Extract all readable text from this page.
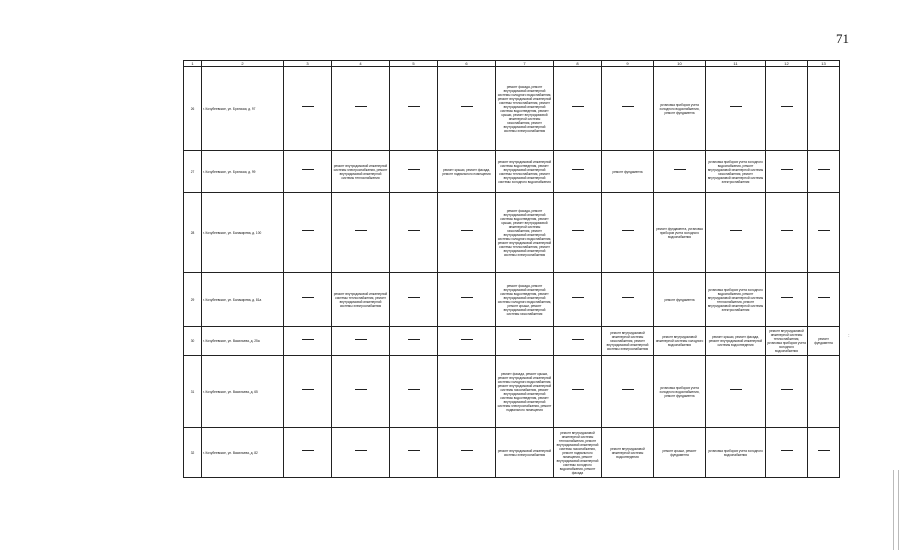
71
1	2	3	4	5	6	7	8	9	10	11	12	13	
26	г. Кочубеевское, ул. Братская, д. 97					ремонт фасада, ремонт внутридомовой инженерной системы холодного водоснабжения, ремонт внутридомовой инженерной системы теплоснабжения, ремонт внутридомовой инженерной системы водоотведения, ремонт крыши, ремонт внутридомовой инженерной системы газоснабжения, ремонт внутридомовой инженерной системы электроснабжения			установка приборов учета холодного водоснабжения, ремонт фундамента			
27	г. Кочубеевское, ул. Братская, д. 99		ремонт внутридомовой инженерной системы электроснабжения, ремонт внутридомовой инженерной системы теплоснабжения		ремонт крыши, ремонт фасада, ремонт подвального помещения	ремонт внутридомовой инженерной системы водоотведения, ремонт внутридомовой инженерной системы теплоснабжения, ремонт внутридомовой инженерной системы холодного водоснабжения		ремонт фундамента		установка приборов учета холодного водоснабжения, ремонт внутридомовой инженерной системы газоснабжения, ремонт внутридомовой инженерной системы электроснабжения		
28	г. Кочубеевское, ул. Балакирева, д. 100					ремонт фасада, ремонт внутридомовой инженерной системы водоотведения, ремонт крыши, ремонт внутридомовой инженерной системы газоснабжения, ремонт внутридомовой инженерной системы холодного водоснабжения, ремонт внутридомовой инженерной системы теплоснабжения, ремонт внутридомовой инженерной системы электроснабжения			ремонт фундамента, установка приборов учета холодного водоснабжения			
29	г. Кочубеевское, ул. Балакирева, д. 81а		ремонт внутридомовой инженерной системы теплоснабжения, ремонт внутридомовой инженерной системы электроснабжения			ремонт фасада, ремонт внутридомовой инженерной системы водоотведения, ремонт внутридомовой инженерной системы холодного водоснабжения, ремонт крыши, ремонт внутридомовой инженерной системы газоснабжения			ремонт фундамента	установка приборов учета холодного водоснабжения, ремонт внутридомовой инженерной системы теплоснабжения, ремонт внутридомовой инженерной системы электроснабжения		
30	г. Кочубеевское, ул. Васильева, д. 25а							ремонт внутридомовой инженерной системы газоснабжения, ремонт внутридомовой инженерной системы электроснабжения	ремонт внутридомовой инженерной системы холодного водоснабжения	ремонт крыши, ремонт фасада, ремонт внутридомовой инженерной системы водоотведения	ремонт внутридомовой инженерной системы теплоснабжения, установка приборов учета холодного водоснабжения	ремонт фундамента	
31	г. Кочубеевское, ул. Васильева, д. 65					ремонт фасада, ремонт крыши, ремонт внутридомовой инженерной системы холодного водоснабжения, ремонт внутридомовой инженерной системы газоснабжения, ремонт внутридомовой инженерной системы водоотведения, ремонт внутридомовой инженерной системы электроснабжения, ремонт подвального помещения			установка приборов учета холодного водоснабжения, ремонт фундамента			
32	г. Кочубеевское, ул. Васильева, д. 82					ремонт внутридомовой инженерной системы электроснабжения	ремонт внутридомовой инженерной системы теплоснабжения, ремонт внутридомовой инженерной системы газоснабжения, ремонт подвального помещения, ремонт внутридомовой инженерной системы холодного водоснабжения, ремонт фасада	ремонт внутридомовой инженерной системы водоотведения	ремонт крыши, ремонт фундамента	установка приборов учета холодного водоснабжения		
:
